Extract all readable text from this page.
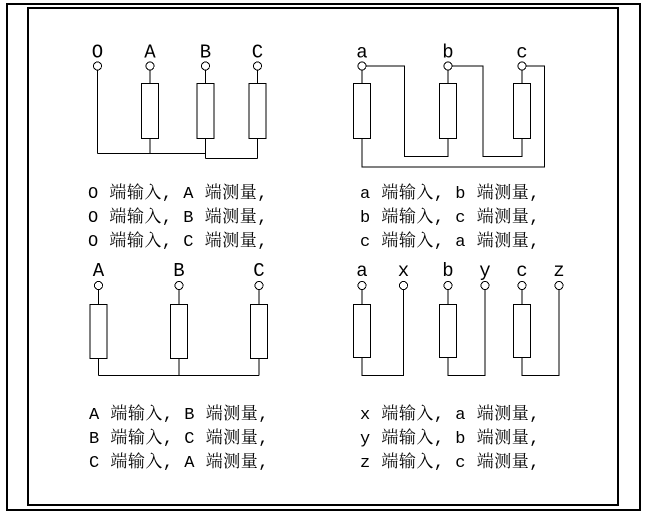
O A B C
O 端输入, A 端测量,
O 端输入, B 端测量,
O 端输入, C 端测量,
a	b	c
a 端输入, b 端测量,
b 端输入, c 端测量,
c 端输入, a 端测量,
A	B	C
A 端输入, B 端测量,
B 端输入, C 端测量,
C 端输入, A 端测量,
a x b y c z
x 端输入, a 端测量,
y 端输入, b 端测量,
z 端输入, c 端测量,
